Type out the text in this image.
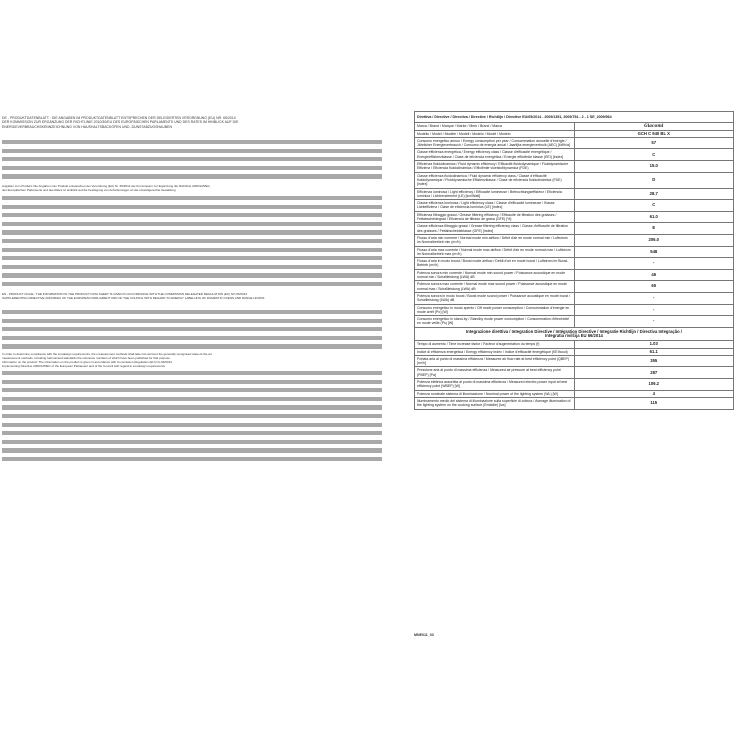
DE - PRODUKTDATENBLATT : DIE ANGABEN IM PRODUKTDATENBLATT ENTSPRECHEN DER DELEGIERTEN VERORDNUNG (EU) NR. 65/2014
DER KOMMISSION ZUR ERGÄNZUNG DER RICHTLINIE 2010/30/EU DES EUROPÄISCHEN PARLAMENTS UND DES RATES IM HINBLICK AUF DIE
ENERGIEVERBRAUCHSKENNZEICHNUNG VON HAUSHALTSBACKÖFEN UND -DUNSTABZUGSHAUBEN
Angaben zum Produkt: Die Angaben zum Produkt entsprechen der Verordnung (EU) Nr. 66/2014 der Kommission zur Ergänzung der Richtlinie 2009/125/EG
des Europäischen Parlaments und des Rates im Hinblick auf die Festlegung von Anforderungen an die umweltgerechte Gestaltung
EN - PRODUCT FICHE : THE INFORMATION IN THE PRODUCT DATA SHEET IS GIVEN IN ACCORDANCE WITH THE COMMISSION DELEGATED REGULATION (EU) NO 65/2014
SUPPLEMENTING DIRECTIVE 2010/30/EU OF THE EUROPEAN PARLIAMENT AND OF THE COUNCIL WITH REGARD TO ENERGY LABELLING OF DOMESTIC OVENS AND RANGE HOODS
In order to determine compliance with the ecodesign requirements, the measurement methods shall take into account the generally recognised state-of-the-art
measurement methods, including harmonised standards the reference numbers of which have been published for that purpose
Information on the product: The information on the product is given in accordance with Commission Regulation (EU) No 66/2014
implementing Directive 2009/125/EC of the European Parliament and of the Council with regard to ecodesign requirements
Direttiva / Directive / Directiva / Directive / Richtlijn / Directive EU/65/2014 - 2009/1351, 2009/754 - 2 - 1 SE_2009/964	
Marca / Brand / Marque / Marke / Merk / Brand / Marca	Giacomi
Modello / Model / Modèle / Modell / Modelo / Model / Modelo	GCH C 940 BL X
Consumo energetico annuo / Energy consumption per year / Consommation annuelle d'énergie / Jährlicher Energieverbrauch / Consumo de energía anual / Jaarlijks energieverbruik (AEC) [kWh/a]	57
Classe efficienza energetica / Energy efficiency class / Classe d'efficacité énergétique / Energieeffizienzklasse / Clase de eficiencia energética / Energie efficiëntie klasse (EEI) [index]	C
Efficienza fluidodinamica / Fluid dynamic efficiency / Efficacité fluidodynamique / Fluiddynamische Effizienz / Eficiencia fluidodinámica / Efficiëntie vloeistofdynamica (FDE)	15.0
Classe efficienza fluidodinamica / Fluid dynamic efficiency class / Classe d'efficacité fluidodynamique / Fluiddynamische Effizienzklasse / Clase de eficiencia fluidodinámica (FDE) [index]	D
Efficienza luminosa / Light efficiency / Efficacité lumineuse / Beleuchtungseffizienz / Eficiencia lumínica / Lichtrendement (LE) [lux/Watt]	28.7
Classe efficienza luminosa / Light efficiency class / Classe d'efficacité lumineuse / Klasse Lichteffizienz / Clase de eficiencia lumínica (LE) [index]	C
Efficienza filtraggio grassi / Grease filtering efficiency / Efficacité de filtration des graisses / Fettabscheidegrad / Eficiencia de filtrado de grasa (GFE) [%]	61.0
Classe efficienza filtraggio grassi / Grease filtering efficiency class / Classe d'efficacité de filtration des graisses / Fettabscheideklasse (GFE) [index]	E
Flusso d'aria min corrente / Normal mode min airflow / Débit d'air en mode normal min / Luftstrom im Normalbetrieb min (m³/h)	206.0
Flusso d'aria max corrente / Normal mode max airflow / Débit d'air en mode normal max / Luftstrom im Normalbetrieb max (m³/h)	548
Flusso d'aria in modo boost / Boost mode airflow / Débit d'air en mode boost / Luftstrom im Boost-Betrieb (m³/h)	-
Potenza sonora min corrente / Normal mode min sound power / Puissance acoustique en mode normal min / Schallleistung (LWA) dB	46
Potenza sonora max corrente / Normal mode max sound power / Puissance acoustique en mode normal max / Schallleistung (LWA) dB	65
Potenza sonora in modo boost / Boost mode sound power / Puissance acoustique en mode boost / Schallleistung (LWA) dB	-
Consumo energetico in modo spento / Off mode power consumption / Consommation d'énergie en mode arrêt (Po) [W]	-
Consumo energetico in stand-by / Standby mode power consumption / Consommation d'électricité en mode veille (Ps) [W]	-

Integrazione direttiva / Integration Directive / Intégration Directive / Integratie Richtlijn / Directiva Integração /
Integratia rivilčija EU 66/2014	

Tempo di aumento / Time increase factor / Facteur d'augmentation du temps (f)	1.03
Indice di efficienza energetica / Energy efficiency index / Indice d'efficacité énergétique (EEIhood)	61.1
Portata aria al punto di massima efficienza / Measured air flow rate at best efficiency point (QBEP) [m³/h]	355
Pressione aria al punto di massima efficienza / Measured air pressure at best efficiency point (PBEP) [Pa]	287
Potenza elettrica assorbita al punto di massima efficienza / Measured electric power input at best efficiency point (WBEP) [W]	109.2
Potenza nominale sistema di illuminazione / Nominal power of the lighting system (WL) [W]	4
Illuminamento medio del sistema di illuminazione sulla superficie di cottura / Average illumination of the lighting system on the cooking surface (Emiddle) [lux]	115
MNE011_03
